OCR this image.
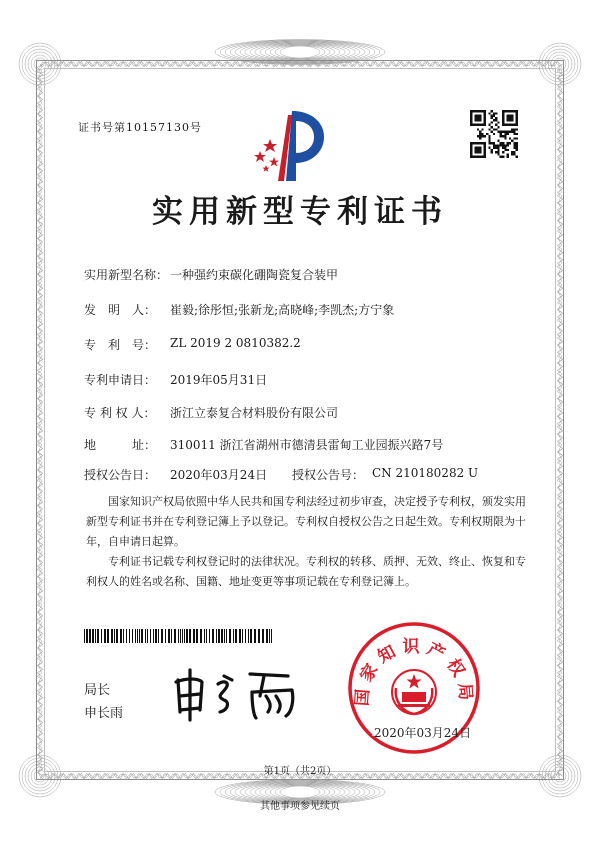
证书号第10157130号
实用新型专利证书
实用新型名称： 一种强约束碳化硼陶瓷复合装甲
发　明　人： 崔毅;徐彤恒;张新龙;高晓峰;李凯杰;方宁象
专　利　号： ZL 2019 2 0810382.2
专利申请日： 2019年05月31日
专 利 权 人： 浙江立泰复合材料股份有限公司
地　　　址： 310011 浙江省湖州市德清县雷甸工业园振兴路7号
授权公告日： 2020年03月24日 授权公告号： CN 210180282 U
国家知识产权局依照中华人民共和国专利法经过初步审查，决定授予专利权，颁发实用新型专利证书并在专利登记簿上予以登记。专利权自授权公告之日起生效。专利权期限为十年，自申请日起算。
专利证书记载专利权登记时的法律状况。专利权的转移、质押、无效、终止、恢复和专利权人的姓名或名称、国籍、地址变更等事项记载在专利登记簿上。
局长
申长雨
国家知识产权局
2020年03月24日
第1页（共2页）
其他事项参见续页
